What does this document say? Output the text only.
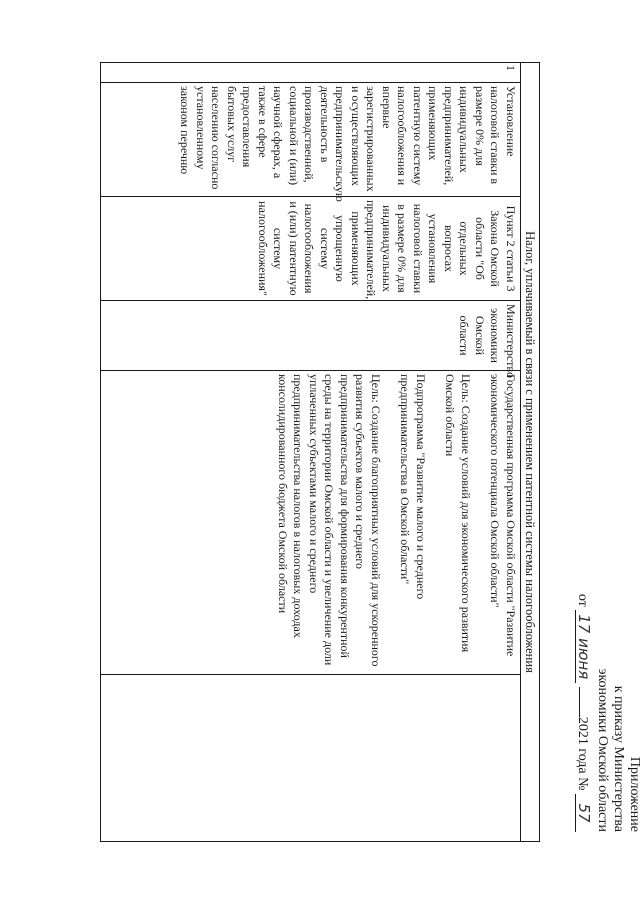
Приложение
к приказу Министерства
экономики Омской области
от 17 июня 2021 года № 57
Налог, уплачиваемый в связи с применением патентной системы налогообложения
1
Установление налоговой ставки в размере 0% для индивидуальных предпринимателей, применяющих патентную систему налогообложения и впервые зарегистрированных и осуществляющих предпринимательскую деятельность в производственной, социальной и (или) научной сферах, а также в сфере предоставления бытовых услуг населению согласно установленному законом перечню
Пункт 2 статьи 3 Закона Омской области "Об отдельных вопросах установления налоговой ставки в размере 0% для индивидуальных предпринимателей, применяющих упрощенную систему налогообложения и (или) патентную систему налогообложения"
Министерство экономики Омской области
Государственная программа Омской области "Развитие экономического потенциала Омской области"
Цель: Создание условий для экономического развития Омской области
Подпрограмма "Развитие малого и среднего предпринимательства в Омской области"
Цель: Создание благоприятных условий для ускоренного развития субъектов малого и среднего предпринимательства для формирования конкурентной среды на территории Омской области и увеличение доли уплаченных субъектами малого и среднего предпринимательства налогов в налоговых доходах консолидированного бюджета Омской области
